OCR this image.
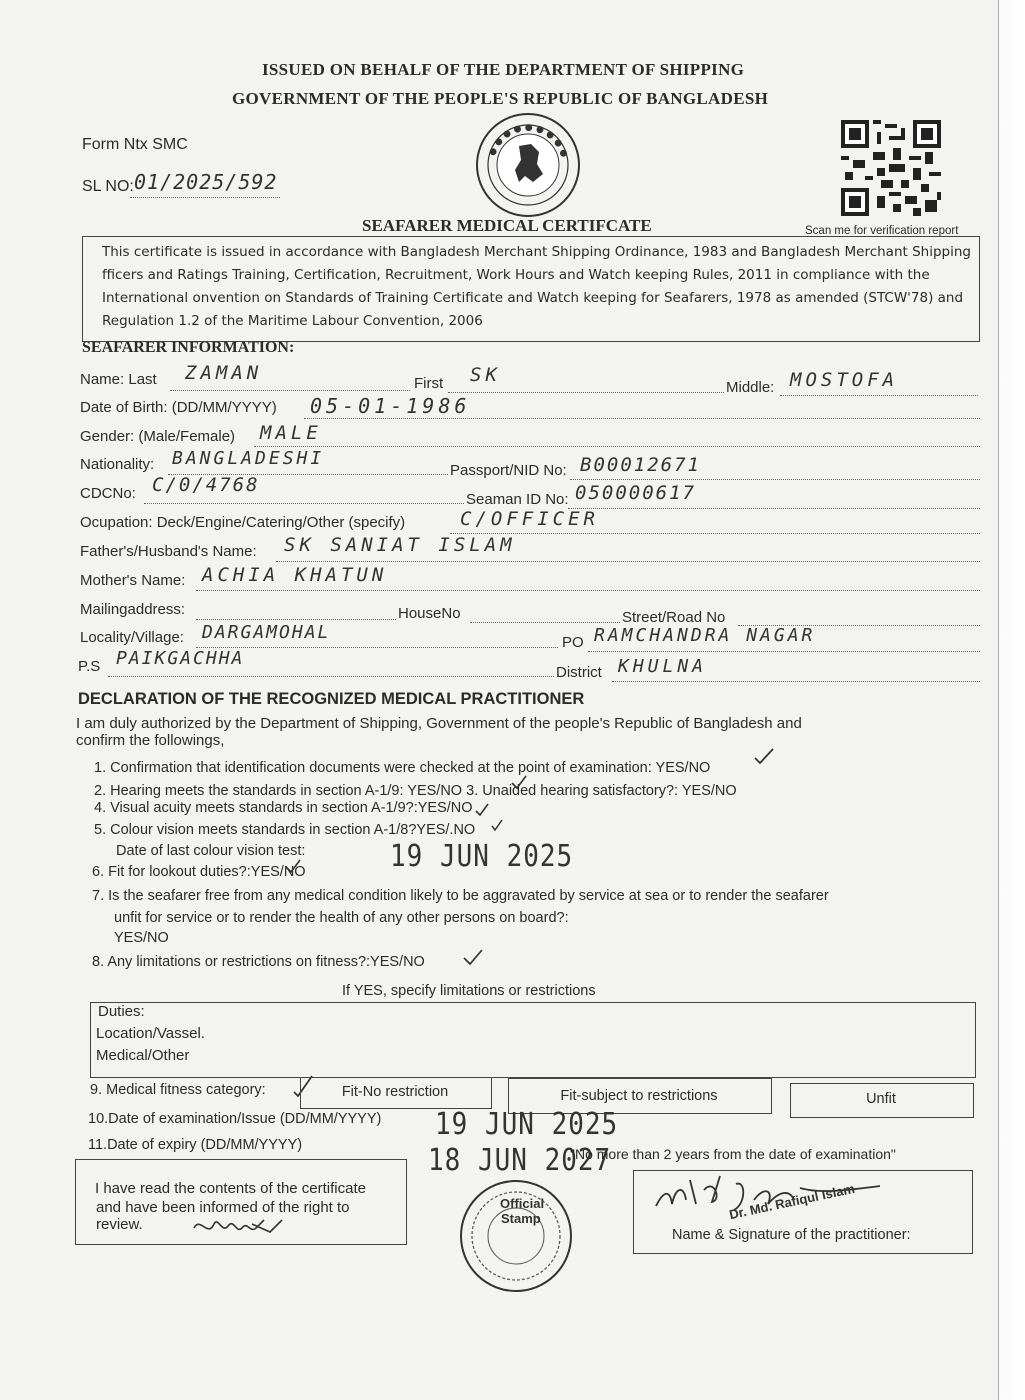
ISSUED ON BEHALF OF THE DEPARTMENT OF SHIPPING
GOVERNMENT OF THE PEOPLE'S REPUBLIC OF BANGLADESH
Form Ntx SMC
SL NO: 01/2025/592
● ● ● ● ● ● ● ● ●
SEAFARER MEDICAL CERTIFCATE	Scan me for verification report
This certificate is issued in accordance with Bangladesh Merchant Shipping Ordinance, 1983 and Bangladesh Merchant Shipping
fficers and Ratings Training, Certification, Recruitment, Work Hours and Watch keeping Rules, 2011 in compliance with the
International onvention on Standards of Training Certificate and Watch keeping for Seafarers, 1978 as amended (STCW'78) and
Regulation 1.2 of the Maritime Labour Convention, 2006
SEAFARER INFORMATION:
Name: Last ZAMAN	First SK
Middle: MOSTOFA
Date of Birth: (DD/MM/YYYY) 05-01-1986
Gender: (Male/Female) MALE
Nationality: BANGLADESHI
Passport/NID No: B00012671
CDCNo: C/0/4768
Seaman ID No: 050000617
Ocupation: Deck/Engine/Catering/Other (specify)	C/OFFICER
Father's/Husband's Name: SK SANIAT ISLAM
Mother's Name: ACHIA KHATUN
Mailingaddress:	HouseNo	Street/Road No
Locality/Village: DARGAMOHAL	PO RAMCHANDRA NAGAR
P.S PAIKGACHHA
District KHULNA
DECLARATION OF THE RECOGNIZED MEDICAL PRACTITIONER
I am duly authorized by the Department of Shipping, Government of the people's Republic of Bangladesh and
confirm the followings,
1. Confirmation that identification documents were checked at the point of examination: YES/NO
2. Hearing meets the standards in section A-1/9: YES/NO 3. Unaided hearing satisfactory?: YES/NO
4. Visual acuity meets standards in section A-1/9?:YES/NO
5. Colour vision meets standards in section A-1/8?YES/.NO
Date of last colour vision test:	19 JUN 2025
6. Fit for lookout duties?:YES/NO
7. Is the seafarer free from any medical condition likely to be aggravated by service at sea or to render the seafarer
unfit for service or to render the health of any other persons on board?:
YES/NO
8. Any limitations or restrictions on fitness?:YES/NO
If YES, specify limitations or restrictions
Duties:
Location/Vassel.
Medical/Other
9. Medical fitness category:	Fit-No restriction	Fit-subject to restrictions	Unfit
10.Date of examination/Issue (DD/MM/YYYY) 19 JUN 2025
11.Date of expiry (DD/MM/YYYY)	18 JUN 2027
"No more than 2 years from the date of examination"
I have read the contents of the certificate
and have been informed of the right to
review.
Official
Stamp	Dr. Md. Rafiqul Islam
Name & Signature of the practitioner:
